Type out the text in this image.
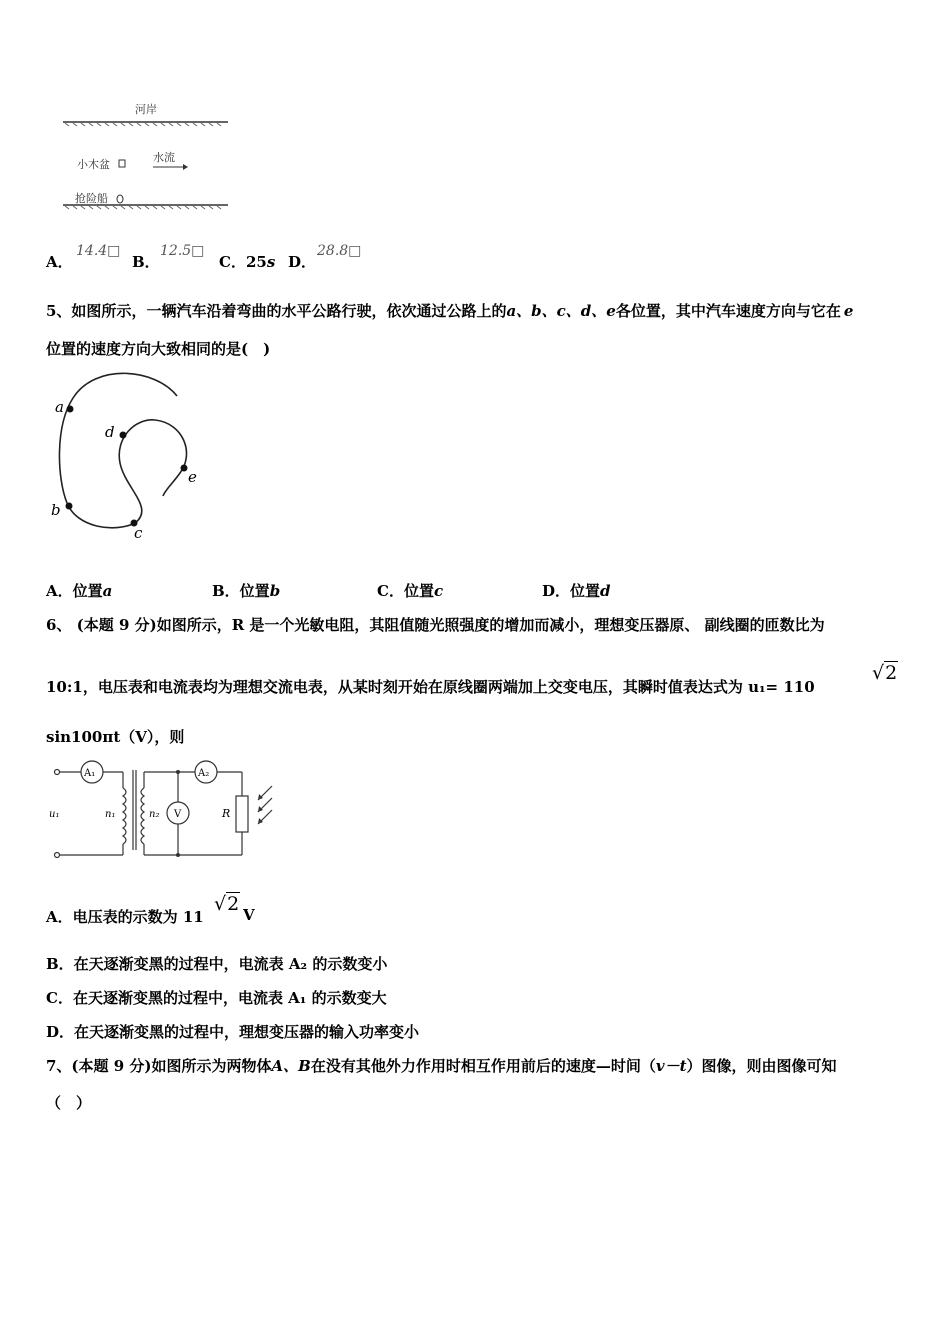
河岸
小木盆
水流
抢险船
A．
14.4□
B．
12.5□
C．25s D．
28.8□
5、如图所示，一辆汽车沿着弯曲的水平公路行驶，依次通过公路上的a、b、c、d、e各位置，其中汽车速度方向与它在 e
位置的速度方向大致相同的是(　)
a
b
c
d
e
A．位置a	B．位置b	C．位置c	D．位置d
6、 (本题 9 分)如图所示，R 是一个光敏电阻，其阻值随光照强度的增加而减小，理想变压器原、 副线圈的匝数比为
10:1，电压表和电流表均为理想交流电表，从某时刻开始在原线圈两端加上交变电压，其瞬时值表达式为 u₁= 110
√2
sin100πt（V），则
A₁	A₂
V
u₁	n₁	n₂	R
A．电压表的示数为 11
√2 V
B．在天逐渐变黑的过程中，电流表 A₂ 的示数变小
C．在天逐渐变黑的过程中，电流表 A₁ 的示数变大
D．在天逐渐变黑的过程中，理想变压器的输入功率变小
7、(本题 9 分)如图所示为两物体A、B在没有其他外力作用时相互作用前后的速度—时间（v－t）图像，则由图像可知
（　）
